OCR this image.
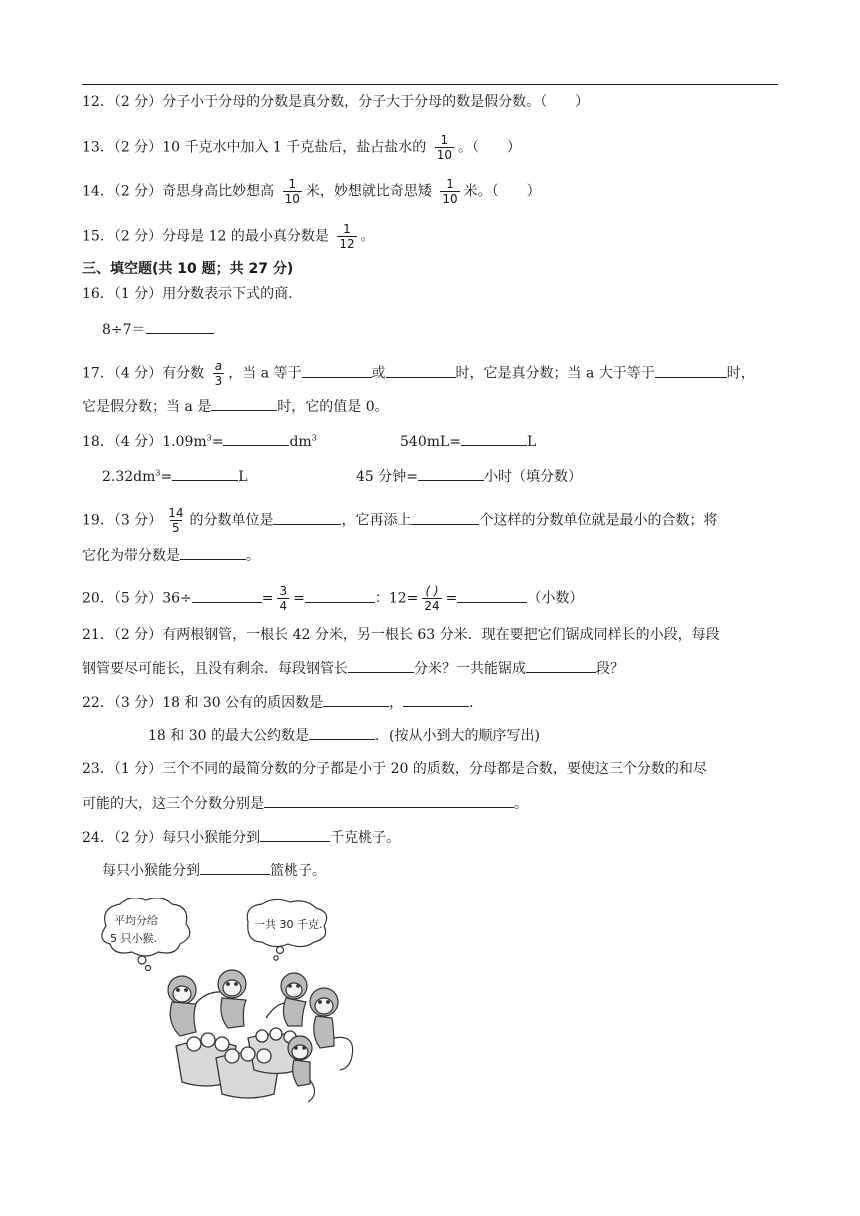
12．（2 分）分子小于分母的分数是真分数，分子大于分母的数是假分数。（　　）
13．（2 分）10 千克水中加入 1 千克盐后，盐占盐水的 $\frac{1}{10}$ 。（　　）
14．（2 分）奇思身高比妙想高 $\frac{1}{10}$ 米，妙想就比奇思矮 $\frac{1}{10}$ 米。（　　）
15．（2 分）分母是 12 的最小真分数是 $\frac{1}{12}$ 。
三、填空题(共 10 题；共 27 分)
16．（1 分）用分数表示下式的商.
8÷7＝
17．（4 分）有分数 $\frac{a}{3}$ ，当 a 等于	或	时，它是真分数；当 a 大于等于	时，
它是假分数；当 a 是	时，它的值是 0。
18．（4 分）$1.09m^3=$	$dm^3$	540mL=	L
$2.32dm^3=$	L	45 分钟=	小时（填分数）
19．（3 分） $\frac{14}{5}$ 的分数单位是	，它再添上	个这样的分数单位就是最小的合数；将
它化为带分数是	。
20．（5 分）36÷	= $\frac{3}{4}$ =	：$12= \frac{( )}{24}$ =	（小数）
21．（2 分）有两根钢管，一根长 42 分米，另一根长 63 分米．现在要把它们锯成同样长的小段，每段
钢管要尽可能长，且没有剩余．每段钢管长	分米？一共能锯成	段？
22．（3 分）18 和 30 公有的质因数是	，	．
18 和 30 的最大公约数是	．(按从小到大的顺序写出)
23．（1 分）三个不同的最简分数的分子都是小于 20 的质数，分母都是合数，要使这三个分数的和尽
可能的大，这三个分数分别是	。
24．（2 分）每只小猴能分到	千克桃子。
每只小猴能分到	篮桃子。
平均分给
5 只小猴.
一共 30 千克.
